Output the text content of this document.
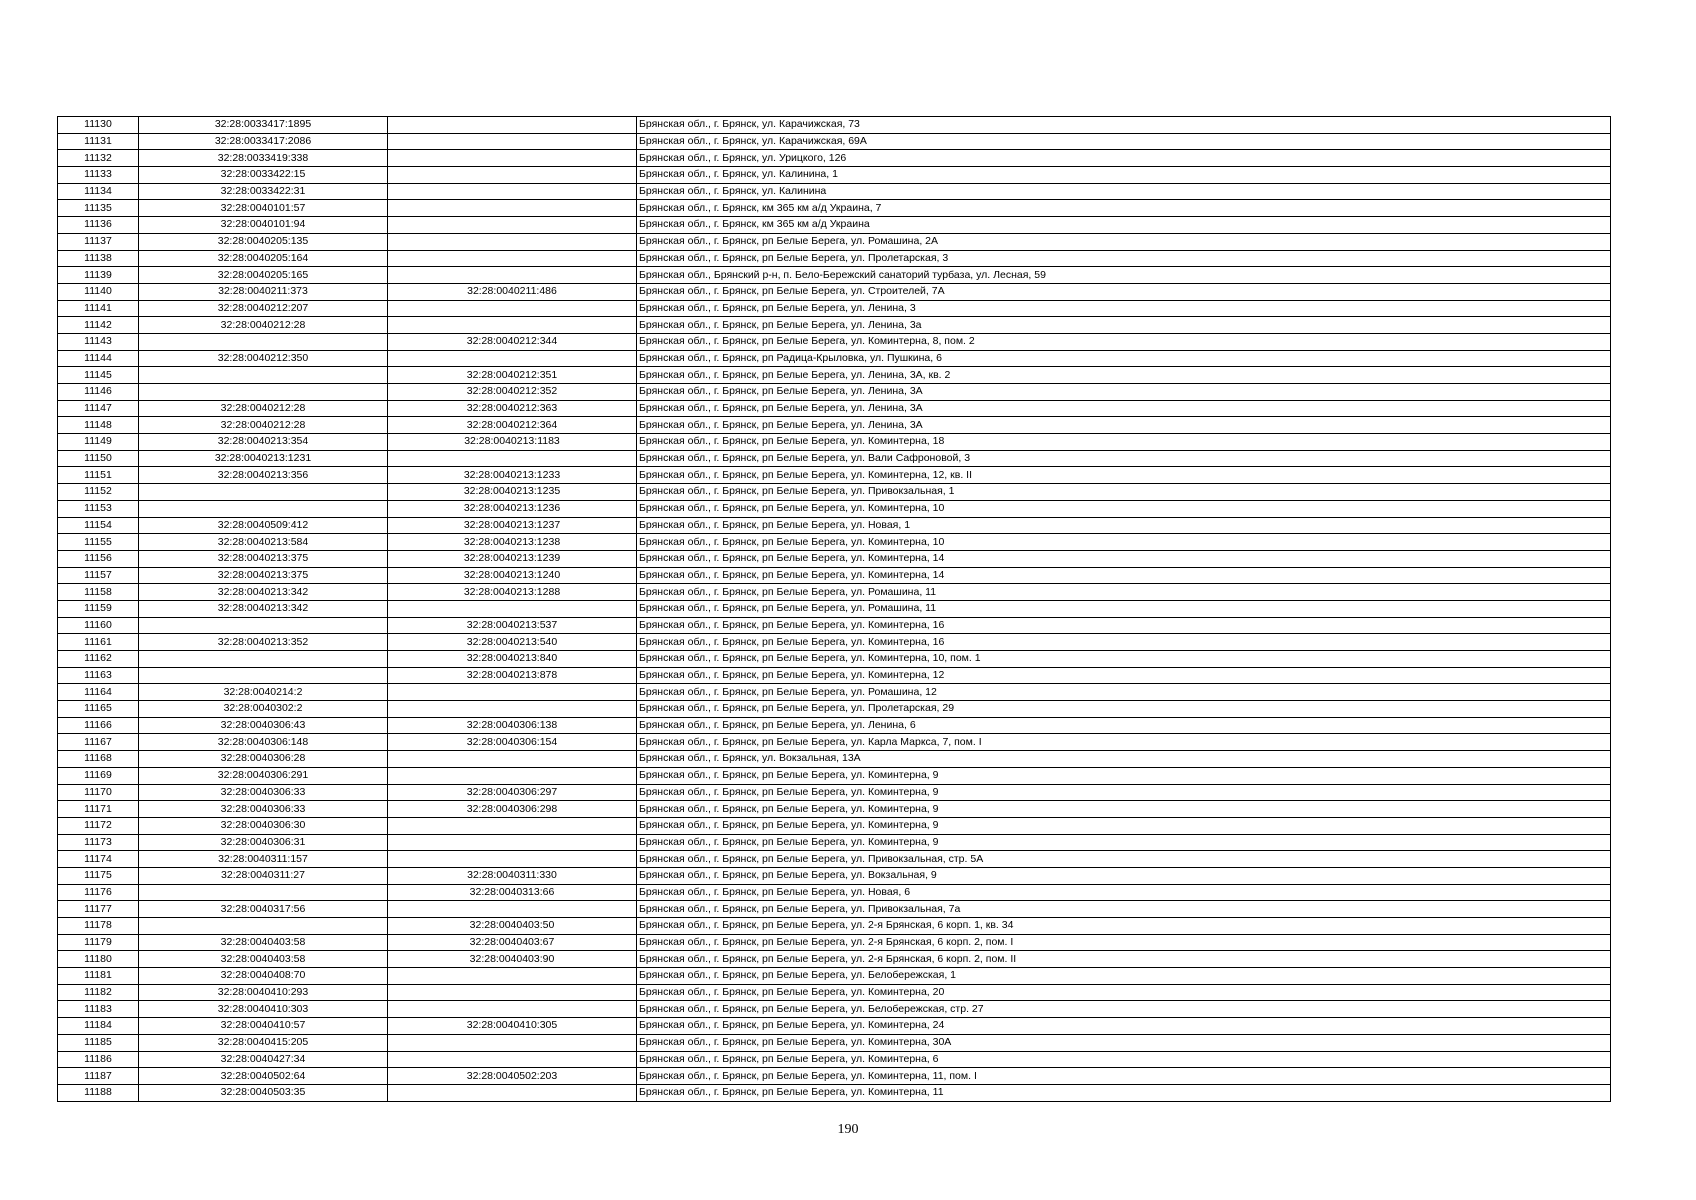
11130	32:28:0033417:1895		Брянская обл., г. Брянск, ул. Карачижская, 73
11131	32:28:0033417:2086		Брянская обл., г. Брянск, ул. Карачижская, 69А
11132	32:28:0033419:338		Брянская обл., г. Брянск, ул. Урицкого, 126
11133	32:28:0033422:15		Брянская обл., г. Брянск, ул. Калинина, 1
11134	32:28:0033422:31		Брянская обл., г. Брянск, ул. Калинина
11135	32:28:0040101:57		Брянская обл., г. Брянск, км 365 км а/д Украина, 7
11136	32:28:0040101:94		Брянская обл., г. Брянск, км 365 км а/д Украина
11137	32:28:0040205:135		Брянская обл., г. Брянск, рп Белые Берега, ул. Ромашина, 2А
11138	32:28:0040205:164		Брянская обл., г. Брянск, рп Белые Берега, ул. Пролетарская, 3
11139	32:28:0040205:165		Брянская обл., Брянский р-н, п. Бело-Бережский санаторий турбаза, ул. Лесная, 59
11140	32:28:0040211:373	32:28:0040211:486	Брянская обл., г. Брянск, рп Белые Берега, ул. Строителей, 7А
11141	32:28:0040212:207		Брянская обл., г. Брянск, рп Белые Берега, ул. Ленина, 3
11142	32:28:0040212:28		Брянская обл., г. Брянск, рп Белые Берега, ул. Ленина, 3а
11143		32:28:0040212:344	Брянская обл., г. Брянск, рп Белые Берега, ул. Коминтерна, 8, пом. 2
11144	32:28:0040212:350		Брянская обл., г. Брянск, рп Радица-Крыловка, ул. Пушкина, 6
11145		32:28:0040212:351	Брянская обл., г. Брянск, рп Белые Берега, ул. Ленина, 3А, кв. 2
11146		32:28:0040212:352	Брянская обл., г. Брянск, рп Белые Берега, ул. Ленина, 3А
11147	32:28:0040212:28	32:28:0040212:363	Брянская обл., г. Брянск, рп Белые Берега, ул. Ленина, 3А
11148	32:28:0040212:28	32:28:0040212:364	Брянская обл., г. Брянск, рп Белые Берега, ул. Ленина, 3А
11149	32:28:0040213:354	32:28:0040213:1183	Брянская обл., г. Брянск, рп Белые Берега, ул. Коминтерна, 18
11150	32:28:0040213:1231		Брянская обл., г. Брянск, рп Белые Берега, ул. Вали Сафроновой, 3
11151	32:28:0040213:356	32:28:0040213:1233	Брянская обл., г. Брянск, рп Белые Берега, ул. Коминтерна, 12, кв. II
11152		32:28:0040213:1235	Брянская обл., г. Брянск, рп Белые Берега, ул. Привокзальная, 1
11153		32:28:0040213:1236	Брянская обл., г. Брянск, рп Белые Берега, ул. Коминтерна, 10
11154	32:28:0040509:412	32:28:0040213:1237	Брянская обл., г. Брянск, рп Белые Берега, ул. Новая, 1
11155	32:28:0040213:584	32:28:0040213:1238	Брянская обл., г. Брянск, рп Белые Берега, ул. Коминтерна, 10
11156	32:28:0040213:375	32:28:0040213:1239	Брянская обл., г. Брянск, рп Белые Берега, ул. Коминтерна, 14
11157	32:28:0040213:375	32:28:0040213:1240	Брянская обл., г. Брянск, рп Белые Берега, ул. Коминтерна, 14
11158	32:28:0040213:342	32:28:0040213:1288	Брянская обл., г. Брянск, рп Белые Берега, ул. Ромашина, 11
11159	32:28:0040213:342		Брянская обл., г. Брянск, рп Белые Берега, ул. Ромашина, 11
11160		32:28:0040213:537	Брянская обл., г. Брянск, рп Белые Берега, ул. Коминтерна, 16
11161	32:28:0040213:352	32:28:0040213:540	Брянская обл., г. Брянск, рп Белые Берега, ул. Коминтерна, 16
11162		32:28:0040213:840	Брянская обл., г. Брянск, рп Белые Берега, ул. Коминтерна, 10, пом. 1
11163		32:28:0040213:878	Брянская обл., г. Брянск, рп Белые Берега, ул. Коминтерна, 12
11164	32:28:0040214:2		Брянская обл., г. Брянск, рп Белые Берега, ул. Ромашина, 12
11165	32:28:0040302:2		Брянская обл., г. Брянск, рп Белые Берега, ул. Пролетарская, 29
11166	32:28:0040306:43	32:28:0040306:138	Брянская обл., г. Брянск, рп Белые Берега, ул. Ленина, 6
11167	32:28:0040306:148	32:28:0040306:154	Брянская обл., г. Брянск, рп Белые Берега, ул. Карла Маркса, 7, пом. I
11168	32:28:0040306:28		Брянская обл., г. Брянск, ул. Вокзальная, 13А
11169	32:28:0040306:291		Брянская обл., г. Брянск, рп Белые Берега, ул. Коминтерна, 9
11170	32:28:0040306:33	32:28:0040306:297	Брянская обл., г. Брянск, рп Белые Берега, ул. Коминтерна, 9
11171	32:28:0040306:33	32:28:0040306:298	Брянская обл., г. Брянск, рп Белые Берега, ул. Коминтерна, 9
11172	32:28:0040306:30		Брянская обл., г. Брянск, рп Белые Берега, ул. Коминтерна, 9
11173	32:28:0040306:31		Брянская обл., г. Брянск, рп Белые Берега, ул. Коминтерна, 9
11174	32:28:0040311:157		Брянская обл., г. Брянск, рп Белые Берега, ул. Привокзальная, стр. 5А
11175	32:28:0040311:27	32:28:0040311:330	Брянская обл., г. Брянск, рп Белые Берега, ул. Вокзальная, 9
11176		32:28:0040313:66	Брянская обл., г. Брянск, рп Белые Берега, ул. Новая, 6
11177	32:28:0040317:56		Брянская обл., г. Брянск, рп Белые Берега, ул. Привокзальная, 7а
11178		32:28:0040403:50	Брянская обл., г. Брянск, рп Белые Берега, ул. 2-я Брянская, 6 корп. 1, кв. 34
11179	32:28:0040403:58	32:28:0040403:67	Брянская обл., г. Брянск, рп Белые Берега, ул. 2-я Брянская, 6 корп. 2, пом. I
11180	32:28:0040403:58	32:28:0040403:90	Брянская обл., г. Брянск, рп Белые Берега, ул. 2-я Брянская, 6 корп. 2, пом. II
11181	32:28:0040408:70		Брянская обл., г. Брянск, рп Белые Берега, ул. Белобережская, 1
11182	32:28:0040410:293		Брянская обл., г. Брянск, рп Белые Берега, ул. Коминтерна, 20
11183	32:28:0040410:303		Брянская обл., г. Брянск, рп Белые Берега, ул. Белобережская, стр. 27
11184	32:28:0040410:57	32:28:0040410:305	Брянская обл., г. Брянск, рп Белые Берега, ул. Коминтерна, 24
11185	32:28:0040415:205		Брянская обл., г. Брянск, рп Белые Берега, ул. Коминтерна, 30А
11186	32:28:0040427:34		Брянская обл., г. Брянск, рп Белые Берега, ул. Коминтерна, 6
11187	32:28:0040502:64	32:28:0040502:203	Брянская обл., г. Брянск, рп Белые Берега, ул. Коминтерна, 11, пом. I
11188	32:28:0040503:35		Брянская обл., г. Брянск, рп Белые Берега, ул. Коминтерна, 11
190
